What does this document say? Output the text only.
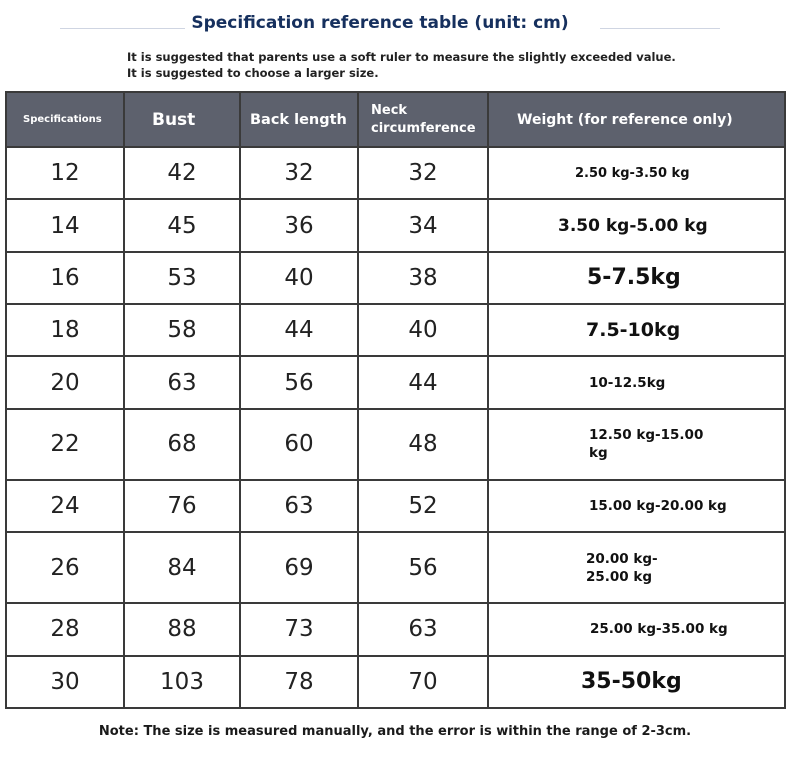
Specification reference table (unit: cm)
It is suggested that parents use a soft ruler to measure the slightly exceeded value. It is suggested to choose a larger size.
Specifications	Bust	Back length	Neck circumference	Weight (for reference only)
12	42	32	32	2.50 kg-3.50 kg
14	45	36	34	3.50 kg-5.00 kg
16	53	40	38	5-7.5kg
18	58	44	40	7.5-10kg
20	63	56	44	10-12.5kg
22	68	60	48	12.50 kg-15.00 kg
24	76	63	52	15.00 kg-20.00 kg
26	84	69	56	20.00 kg-25.00 kg
28	88	73	63	25.00 kg-35.00 kg
30	103	78	70	35-50kg
Note: The size is measured manually, and the error is within the range of 2-3cm.
